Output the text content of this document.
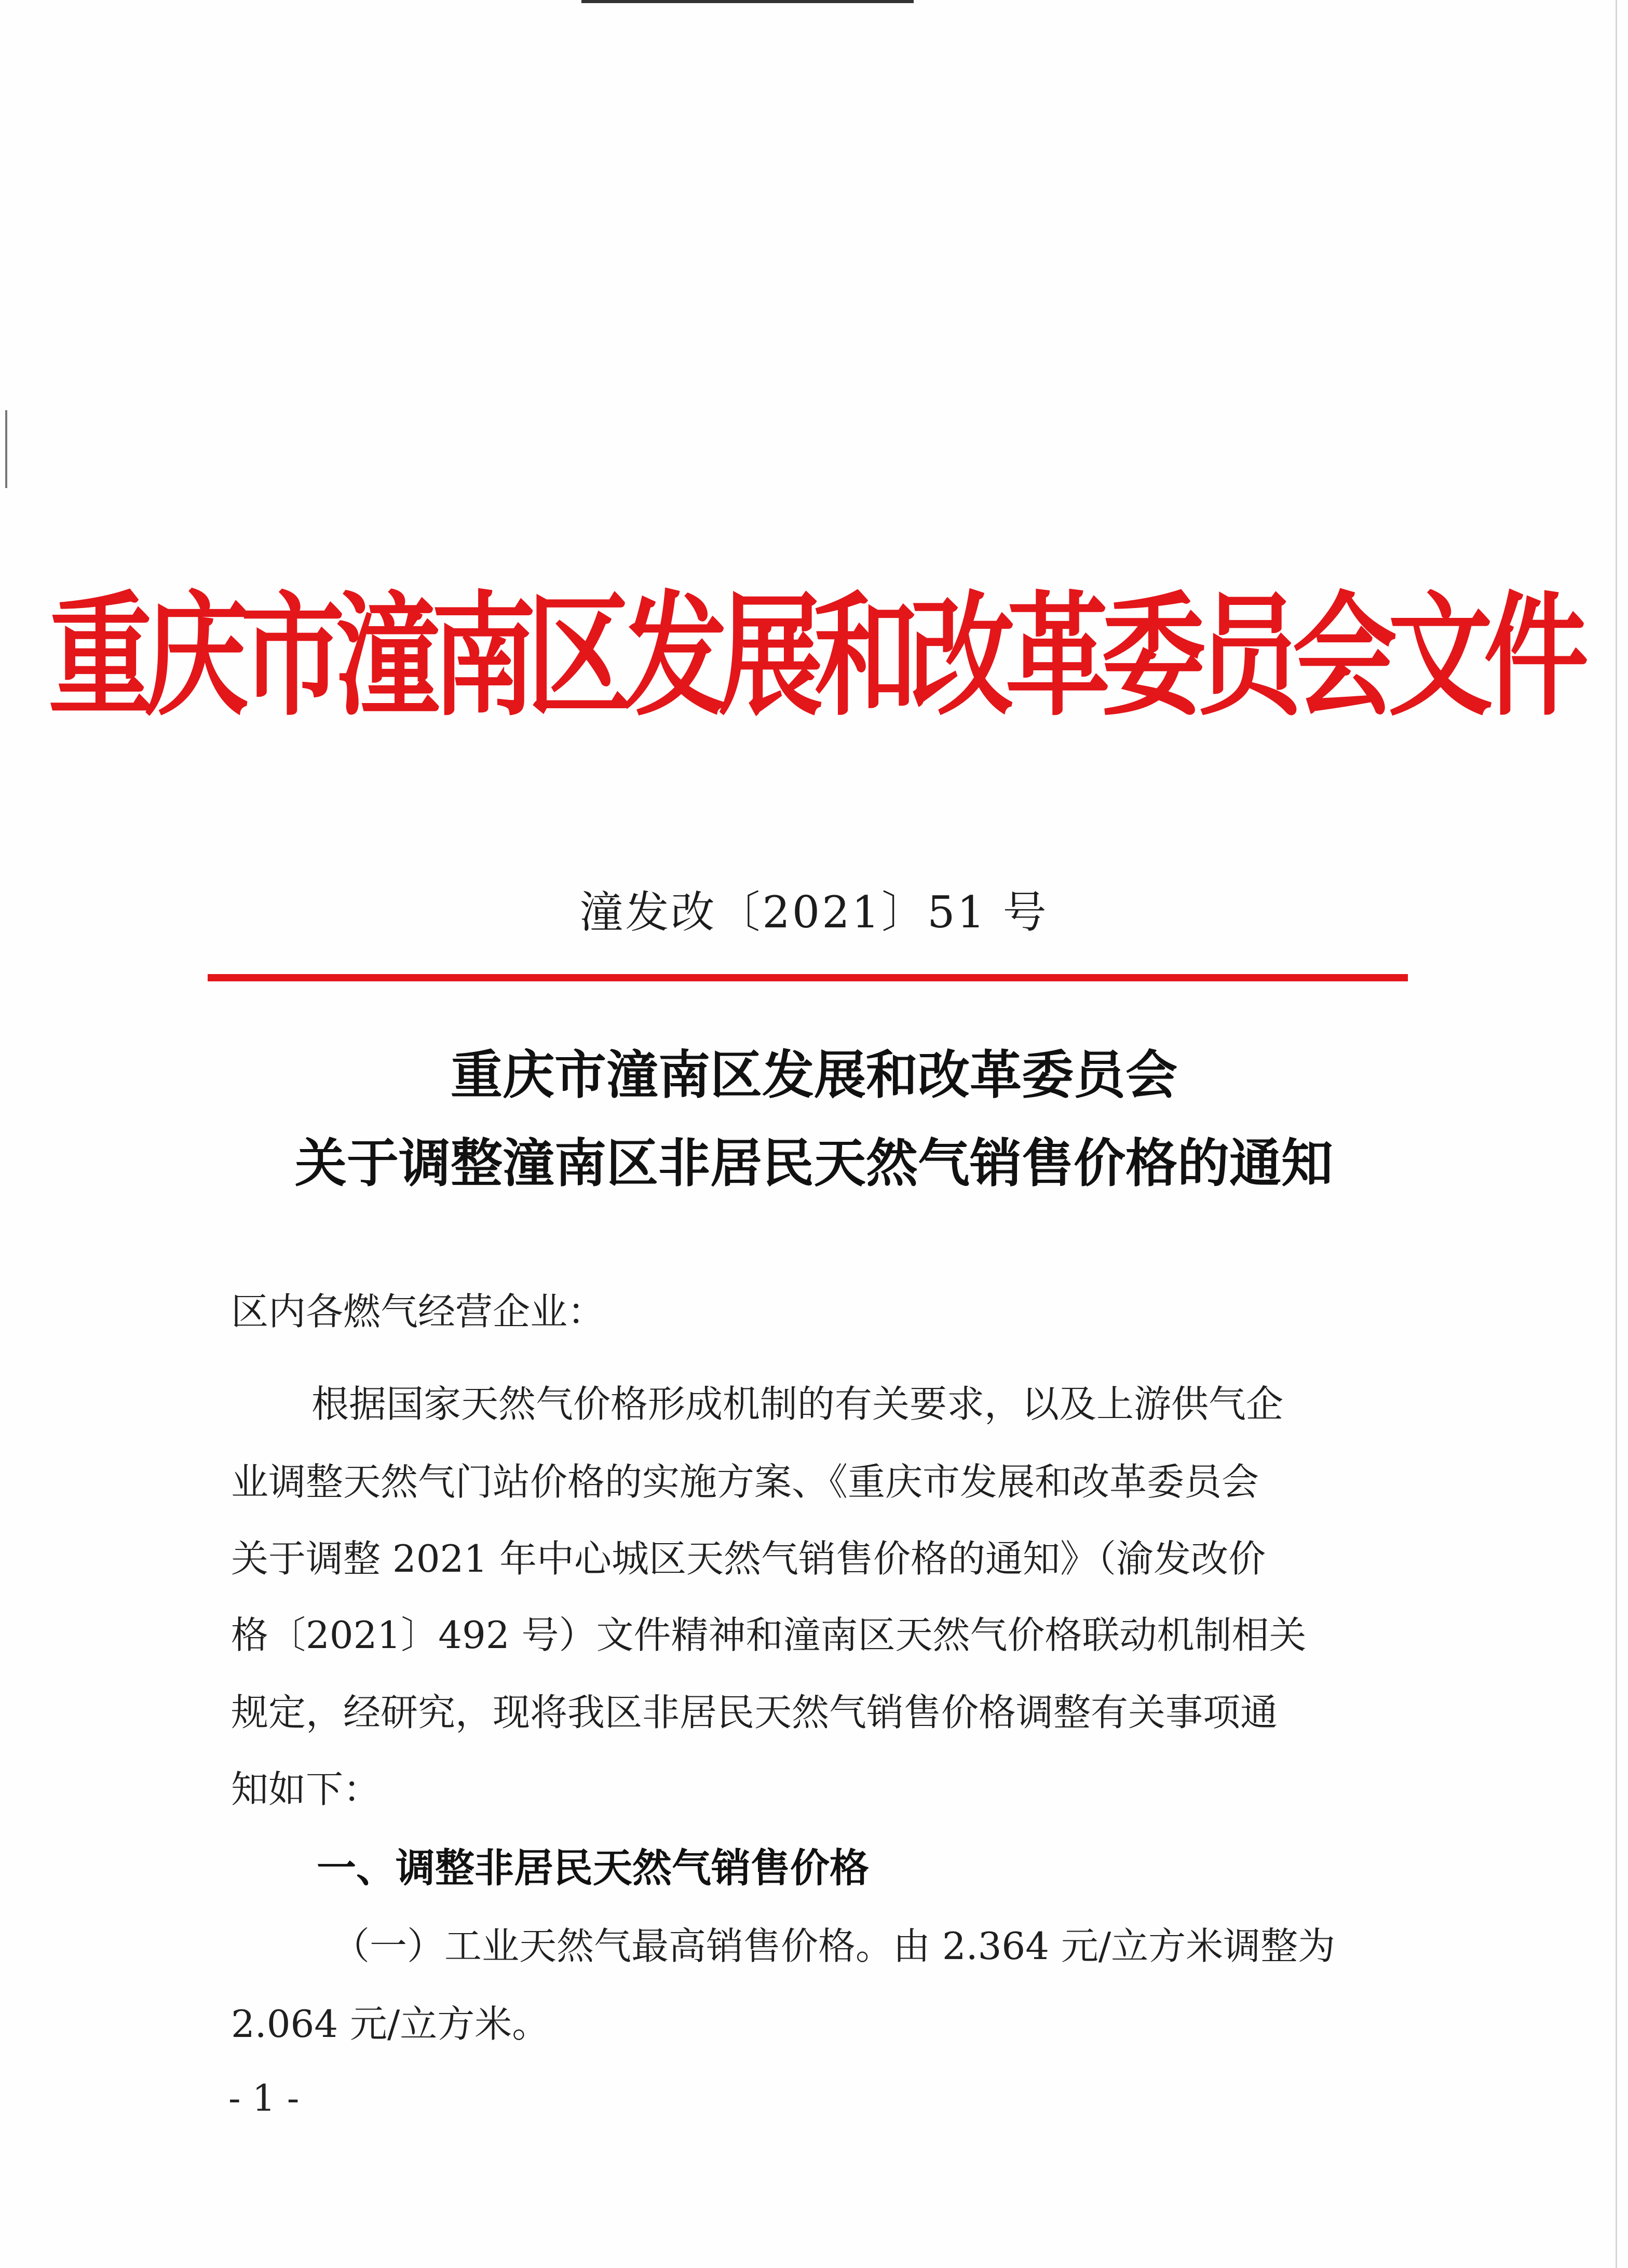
重庆市潼南区发展和改革委员会文件
潼发改〔2021〕51 号
重庆市潼南区发展和改革委员会
关于调整潼南区非居民天然气销售价格的通知
区内各燃气经营企业：
根据国家天然气价格形成机制的有关要求，以及上游供气企
业调整天然气门站价格的实施方案、《重庆市发展和改革委员会
关于调整 2021 年中心城区天然气销售价格的通知》（渝发改价
格〔2021〕492 号）文件精神和潼南区天然气价格联动机制相关
规定，经研究，现将我区非居民天然气销售价格调整有关事项通
知如下：
一、调整非居民天然气销售价格
（一）工业天然气最高销售价格。由 2.364 元/立方米调整为
2.064 元/立方米。
- 1 -
